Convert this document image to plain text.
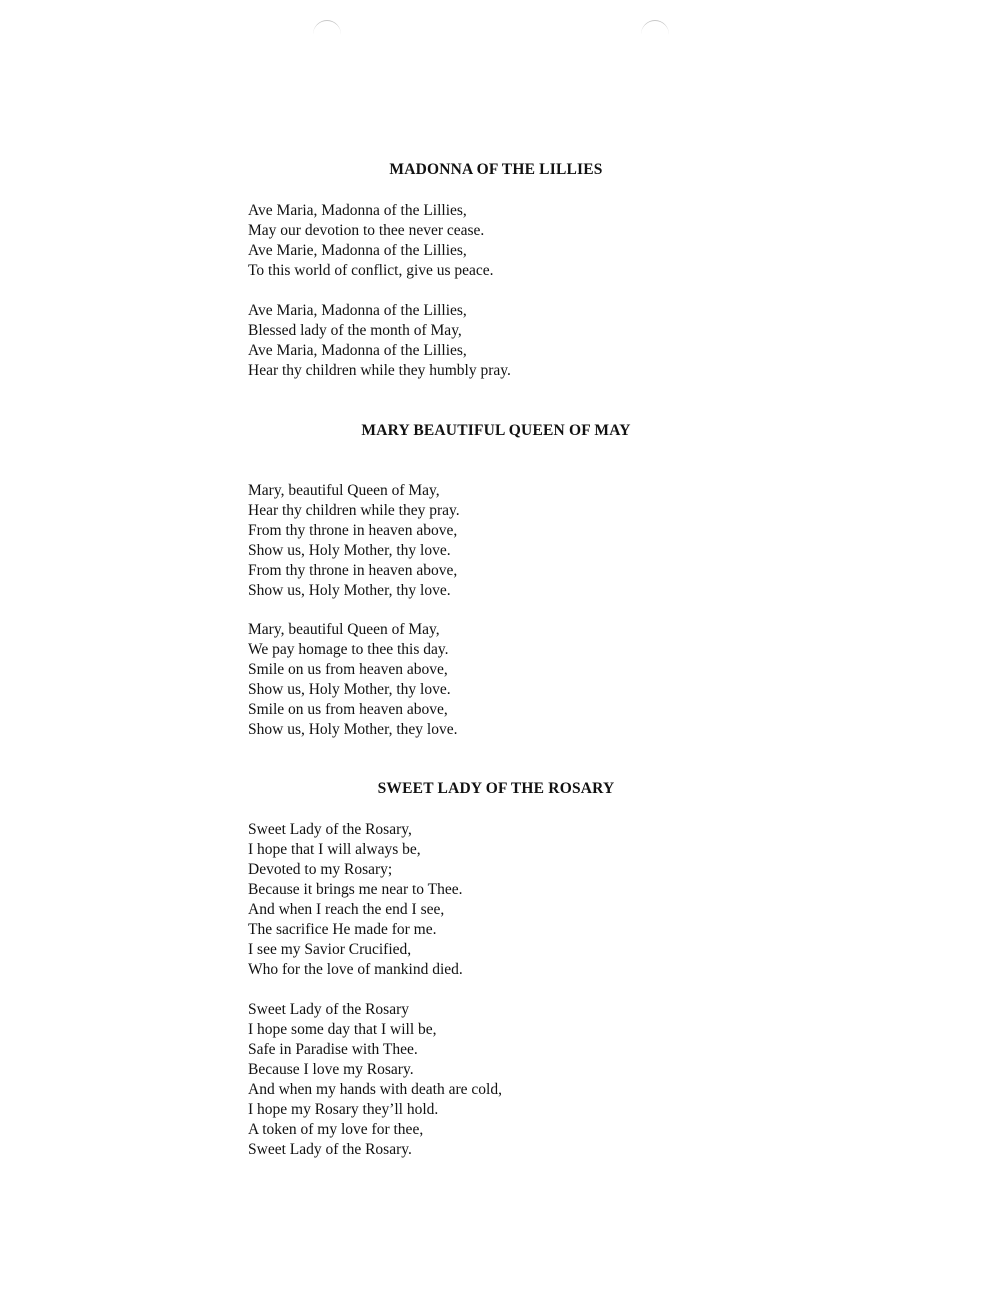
MADONNA OF THE LILLIES
Ave Maria, Madonna of the Lillies,
May our devotion to thee never cease.
Ave Marie, Madonna of the Lillies,
To this world of conflict, give us peace.
Ave Maria, Madonna of the Lillies,
Blessed lady of the month of May,
Ave Maria, Madonna of the Lillies,
Hear thy children while they humbly pray.
MARY BEAUTIFUL QUEEN OF MAY
Mary, beautiful Queen of May,
Hear thy children while they pray.
From thy throne in heaven above,
Show us, Holy Mother, thy love.
From thy throne in heaven above,
Show us, Holy Mother, thy love.
Mary, beautiful Queen of May,
We pay homage to thee this day.
Smile on us from heaven above,
Show us, Holy Mother, thy love.
Smile on us from heaven above,
Show us, Holy Mother, they love.
SWEET LADY OF THE ROSARY
Sweet Lady of the Rosary,
I hope that I will always be,
Devoted to my Rosary;
Because it brings me near to Thee.
And when I reach the end I see,
The sacrifice He made for me.
I see my Savior Crucified,
Who for the love of mankind died.
Sweet Lady of the Rosary
I hope some day that I will be,
Safe in Paradise with Thee.
Because I love my Rosary.
And when my hands with death are cold,
I hope my Rosary they’ll hold.
A token of my love for thee,
Sweet Lady of the Rosary.
